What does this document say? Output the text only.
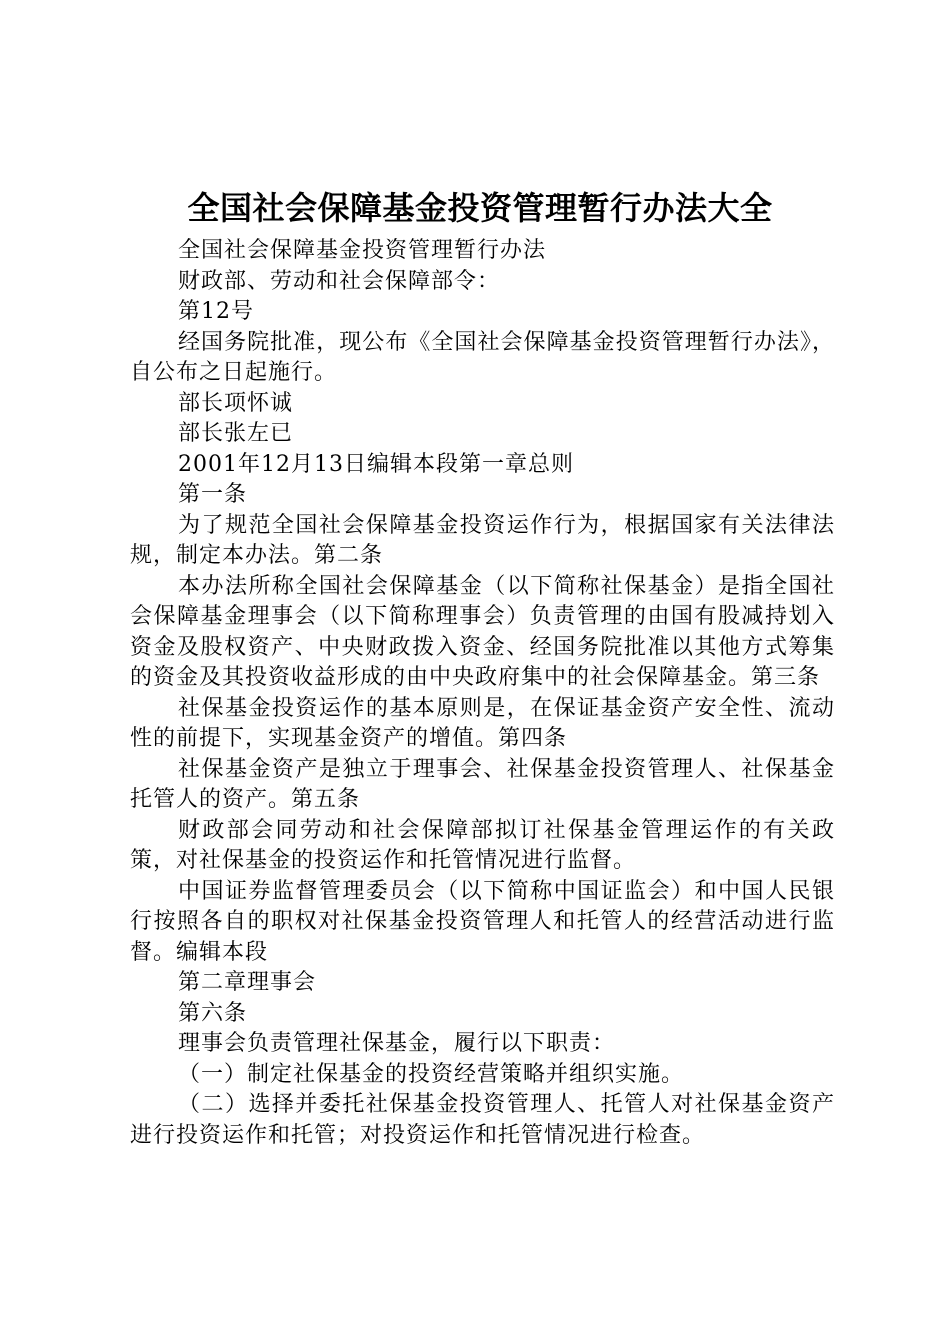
全国社会保障基金投资管理暂行办法大全

全国社会保障基金投资管理暂行办法

财政部、劳动和社会保障部令：

第12号

经国务院批准，现公布《全国社会保障基金投资管理暂行办法》，自公布之日起施行。

部长项怀诚

部长张左已

2001年12月13日编辑本段第一章总则

第一条

为了规范全国社会保障基金投资运作行为，根据国家有关法律法规，制定本办法。第二条

本办法所称全国社会保障基金（以下简称社保基金）是指全国社会保障基金理事会（以下简称理事会）负责管理的由国有股减持划入资金及股权资产、中央财政拨入资金、经国务院批准以其他方式筹集的资金及其投资收益形成的由中央政府集中的社会保障基金。第三条

社保基金投资运作的基本原则是，在保证基金资产安全性、流动性的前提下，实现基金资产的增值。第四条

社保基金资产是独立于理事会、社保基金投资管理人、社保基金托管人的资产。第五条

财政部会同劳动和社会保障部拟订社保基金管理运作的有关政策，对社保基金的投资运作和托管情况进行监督。

中国证券监督管理委员会（以下简称中国证监会）和中国人民银行按照各自的职权对社保基金投资管理人和托管人的经营活动进行监督。编辑本段

第二章理事会

第六条

理事会负责管理社保基金，履行以下职责：

（一）制定社保基金的投资经营策略并组织实施。

（二）选择并委托社保基金投资管理人、托管人对社保基金资产进行投资运作和托管；对投资运作和托管情况进行检查。
